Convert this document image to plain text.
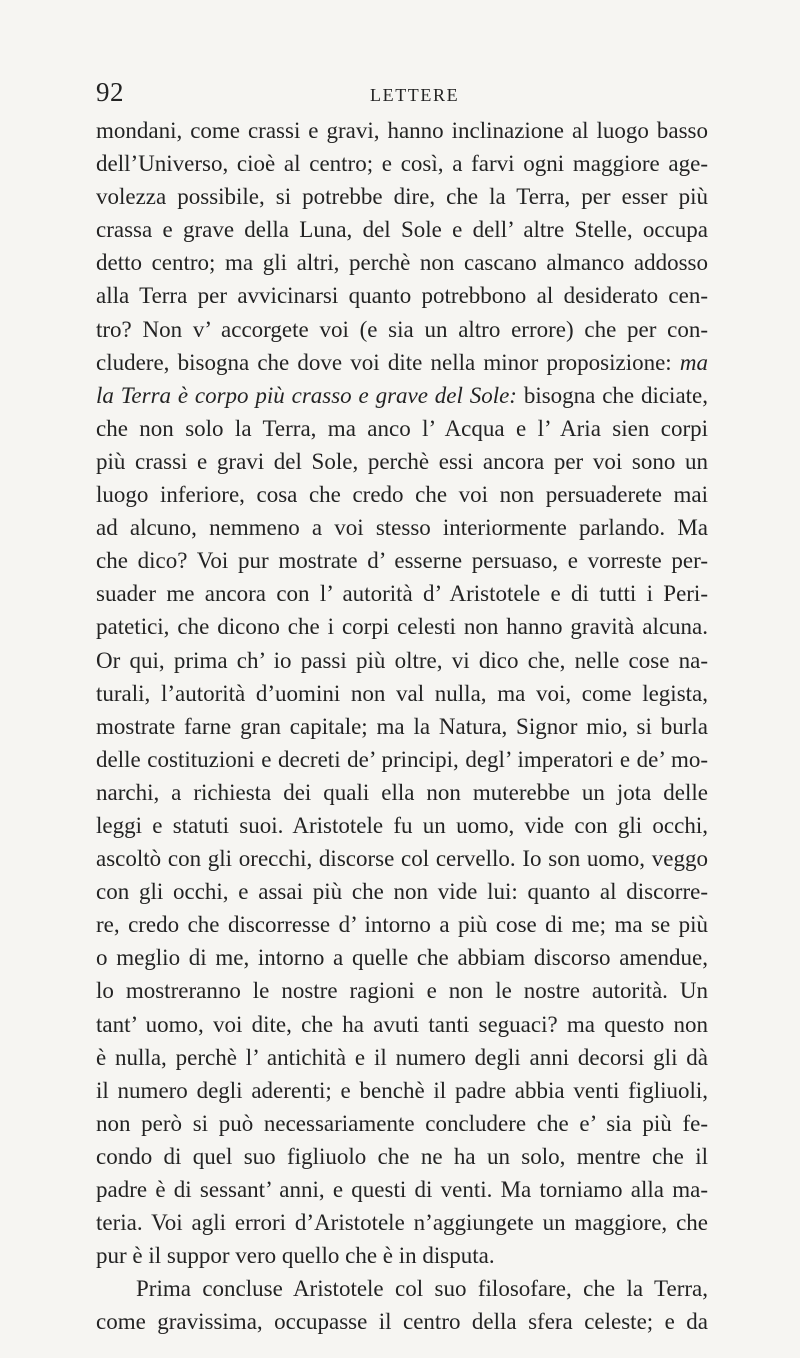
92	LETTERE
mondani, come crassi e gravi, hanno inclinazione al luogo basso
dell’Universo, cioè al centro; e così, a farvi ogni maggiore age-
volezza possibile, si potrebbe dire, che la Terra, per esser più
crassa e grave della Luna, del Sole e dell’ altre Stelle, occupa
detto centro; ma gli altri, perchè non cascano almanco addosso
alla Terra per avvicinarsi quanto potrebbono al desiderato cen-
tro? Non v’ accorgete voi (e sia un altro errore) che per con-
cludere, bisogna che dove voi dite nella minor proposizione: ma
la Terra è corpo più crasso e grave del Sole: bisogna che diciate,
che non solo la Terra, ma anco l’ Acqua e l’ Aria sien corpi
più crassi e gravi del Sole, perchè essi ancora per voi sono un
luogo inferiore, cosa che credo che voi non persuaderete mai
ad alcuno, nemmeno a voi stesso interiormente parlando. Ma
che dico? Voi pur mostrate d’ esserne persuaso, e vorreste per-
suader me ancora con l’ autorità d’ Aristotele e di tutti i Peri-
patetici, che dicono che i corpi celesti non hanno gravità alcuna.
Or qui, prima ch’ io passi più oltre, vi dico che, nelle cose na-
turali, l’autorità d’uomini non val nulla, ma voi, come legista,
mostrate farne gran capitale; ma la Natura, Signor mio, si burla
delle costituzioni e decreti de’ principi, degl’ imperatori e de’ mo-
narchi, a richiesta dei quali ella non muterebbe un jota delle
leggi e statuti suoi. Aristotele fu un uomo, vide con gli occhi,
ascoltò con gli orecchi, discorse col cervello. Io son uomo, veggo
con gli occhi, e assai più che non vide lui: quanto al discorre-
re, credo che discorresse d’ intorno a più cose di me; ma se più
o meglio di me, intorno a quelle che abbiam discorso amendue,
lo mostreranno le nostre ragioni e non le nostre autorità. Un
tant’ uomo, voi dite, che ha avuti tanti seguaci? ma questo non
è nulla, perchè l’ antichità e il numero degli anni decorsi gli dà
il numero degli aderenti; e benchè il padre abbia venti figliuoli,
non però si può necessariamente concludere che e’ sia più fe-
condo di quel suo figliuolo che ne ha un solo, mentre che il
padre è di sessant’ anni, e questi di venti. Ma torniamo alla ma-
teria. Voi agli errori d’Aristotele n’aggiungete un maggiore, che
pur è il suppor vero quello che è in disputa.
Prima concluse Aristotele col suo filosofare, che la Terra,
come gravissima, occupasse il centro della sfera celeste; e da
